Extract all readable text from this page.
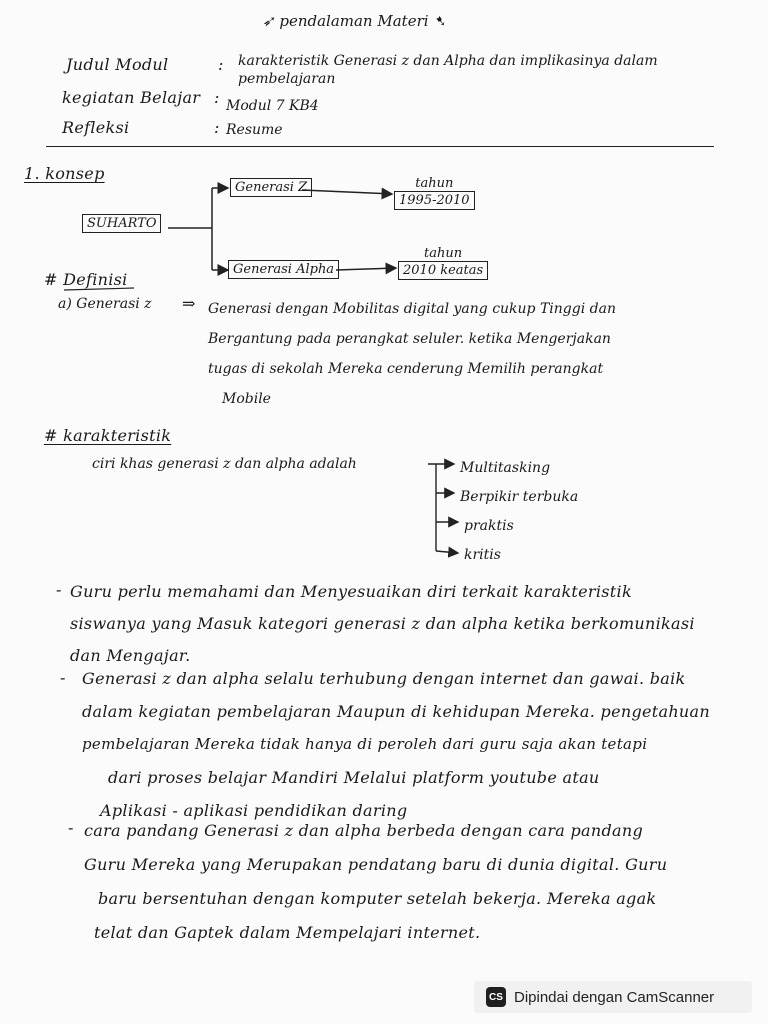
➶ pendalaman Materi ➷
Judul Modul	: karakteristik Generasi z dan Alpha dan implikasinya dalam pembelajaran
kegiatan Belajar : Modul 7 KB4
Refleksi	: Resume
1. konsep
SUHARTO
Generasi Z	tahun
1995-2010
Generasi Alpha
tahun
2010 keatas
# Definisi
a) Generasi z ⇒ Generasi dengan Mobilitas digital yang cukup Tinggi dan
Bergantung pada perangkat seluler. ketika Mengerjakan
tugas di sekolah Mereka cenderung Memilih perangkat
Mobile
# karakteristik
ciri khas generasi z dan alpha adalah	Multitasking
Berpikir terbuka
praktis
kritis
- Guru perlu memahami dan Menyesuaikan diri terkait karakteristik
siswanya yang Masuk kategori generasi z dan alpha ketika berkomunikasi
dan Mengajar.
- Generasi z dan alpha selalu terhubung dengan internet dan gawai. baik
dalam kegiatan pembelajaran Maupun di kehidupan Mereka. pengetahuan
pembelajaran Mereka tidak hanya di peroleh dari guru saja akan tetapi
dari proses belajar Mandiri Melalui platform youtube atau
Aplikasi - aplikasi pendidikan daring
- cara pandang Generasi z dan alpha berbeda dengan cara pandang
Guru Mereka yang Merupakan pendatang baru di dunia digital. Guru
baru bersentuhan dengan komputer setelah bekerja. Mereka agak
telat dan Gaptek dalam Mempelajari internet.
CS Dipindai dengan CamScanner
